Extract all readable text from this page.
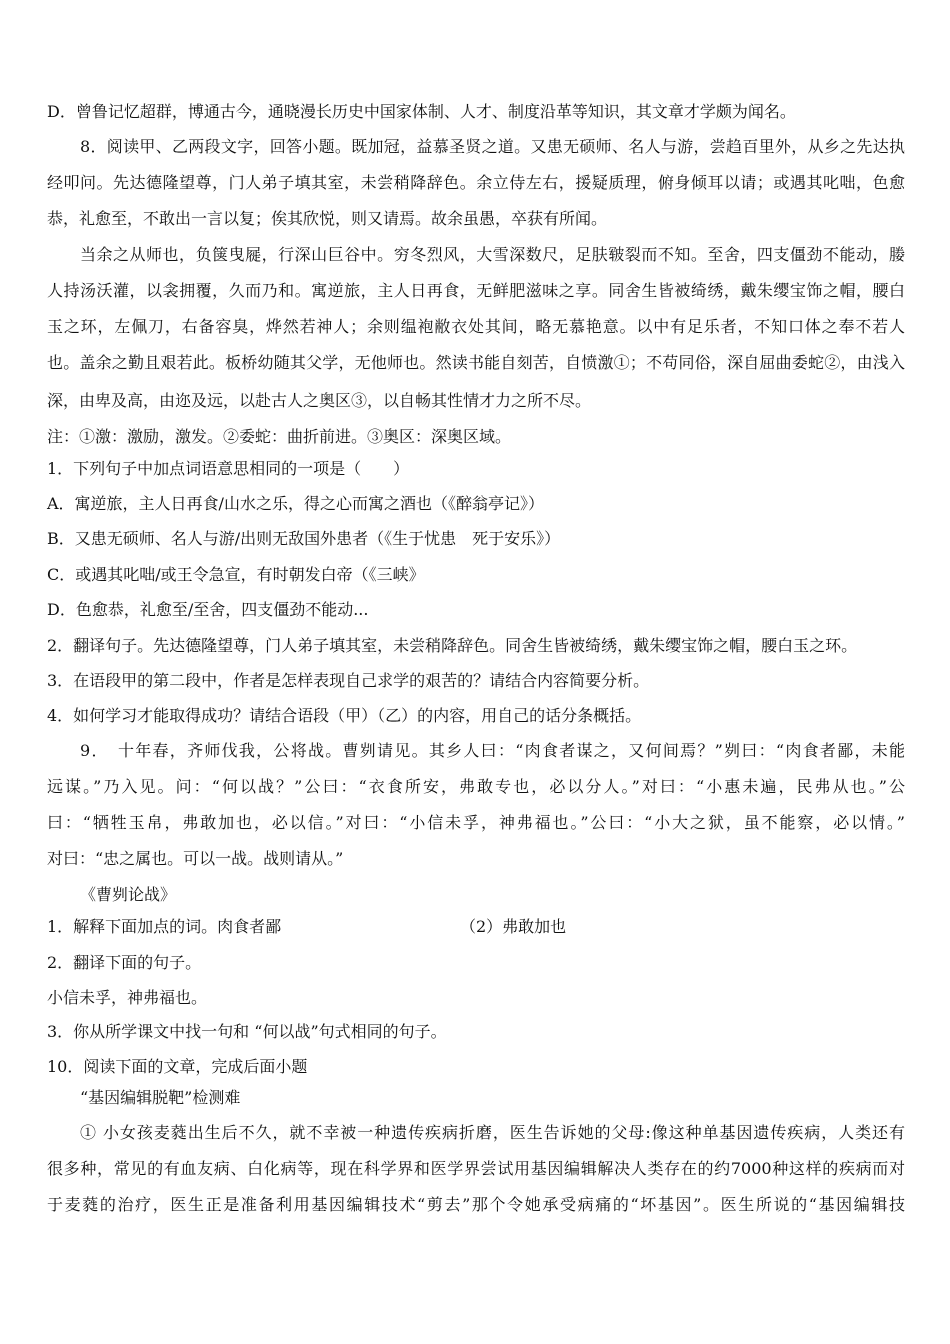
D．曾鲁记忆超群，博通古今，通晓漫长历史中国家体制、人才、制度沿革等知识，其文章才学颇为闻名。
8．阅读甲、乙两段文字，回答小题。既加冠，益慕圣贤之道。又患无硕师、名人与游，尝趋百里外，从乡之先达执
经叩问。先达德隆望尊，门人弟子填其室，未尝稍降辞色。余立侍左右，援疑质理，俯身倾耳以请；或遇其叱咄，色愈
恭，礼愈至，不敢出一言以复；俟其欣悦，则又请焉。故余虽愚，卒获有所闻。
当余之从师也，负箧曳屣，行深山巨谷中。穷冬烈风，大雪深数尺，足肤皲裂而不知。至舍，四支僵劲不能动，媵
人持汤沃灌，以衾拥覆，久而乃和。寓逆旅，主人日再食，无鲜肥滋味之享。同舍生皆被绮绣，戴朱缨宝饰之帽，腰白
玉之环，左佩刀，右备容臭，烨然若神人；余则缊袍敝衣处其间，略无慕艳意。以中有足乐者，不知口体之奉不若人
也。盖余之勤且艰若此。板桥幼随其父学，无他师也。然读书能自刻苦，自愤激①；不苟同俗，深自屈曲委蛇②，由浅入
深，由卑及高，由迩及远，以赴古人之奥区③，以自畅其性情才力之所不尽。
注：①激：激励，激发。②委蛇：曲折前进。③奥区：深奥区域。
1．下列句子中加点词语意思相同的一项是（　　）
A．寓逆旅，主人日再食/山水之乐，得之心而寓之酒也（《醉翁亭记》）
B．又患无硕师、名人与游/出则无敌国外患者（《生于忧患　死于安乐》）
C．或遇其叱咄/或王令急宣，有时朝发白帝（《三峡》
D．色愈恭，礼愈至/至舍，四支僵劲不能动...
2．翻译句子。先达德隆望尊，门人弟子填其室，未尝稍降辞色。同舍生皆被绮绣，戴朱缨宝饰之帽，腰白玉之环。
3．在语段甲的第二段中，作者是怎样表现自己求学的艰苦的？请结合内容简要分析。
4．如何学习才能取得成功？请结合语段（甲）（乙）的内容，用自己的话分条概括。
9．　十年春，齐师伐我，公将战。曹刿请见。其乡人曰：“肉食者谋之，又何间焉？”刿曰：“肉食者鄙，未能
远谋。”乃入见。问：“何以战？”公曰：“衣食所安，弗敢专也，必以分人。”对曰：“小惠未遍，民弗从也。”公
曰：“牺牲玉帛，弗敢加也，必以信。”对曰：“小信未孚，神弗福也。”公曰：“小大之狱，虽不能察，必以情。”
对曰：“忠之属也。可以一战。战则请从。”
《曹刿论战》
1．解释下面加点的词。肉食者鄙	（2）弗敢加也
2．翻译下面的句子。
小信未孚，神弗福也。
3．你从所学课文中找一句和 “何以战”句式相同的句子。
10．阅读下面的文章，完成后面小题
“基因编辑脱靶”检测难
① 小女孩麦蕤出生后不久，就不幸被一种遗传疾病折磨，医生告诉她的父母:像这种单基因遗传疾病，人类还有
很多种，常见的有血友病、白化病等，现在科学界和医学界尝试用基因编辑解决人类存在的约7000种这样的疾病而对
于麦蕤的治疗，医生正是准备利用基因编辑技术“剪去”那个令她承受病痛的“坏基因”。医生所说的“基因编辑技
